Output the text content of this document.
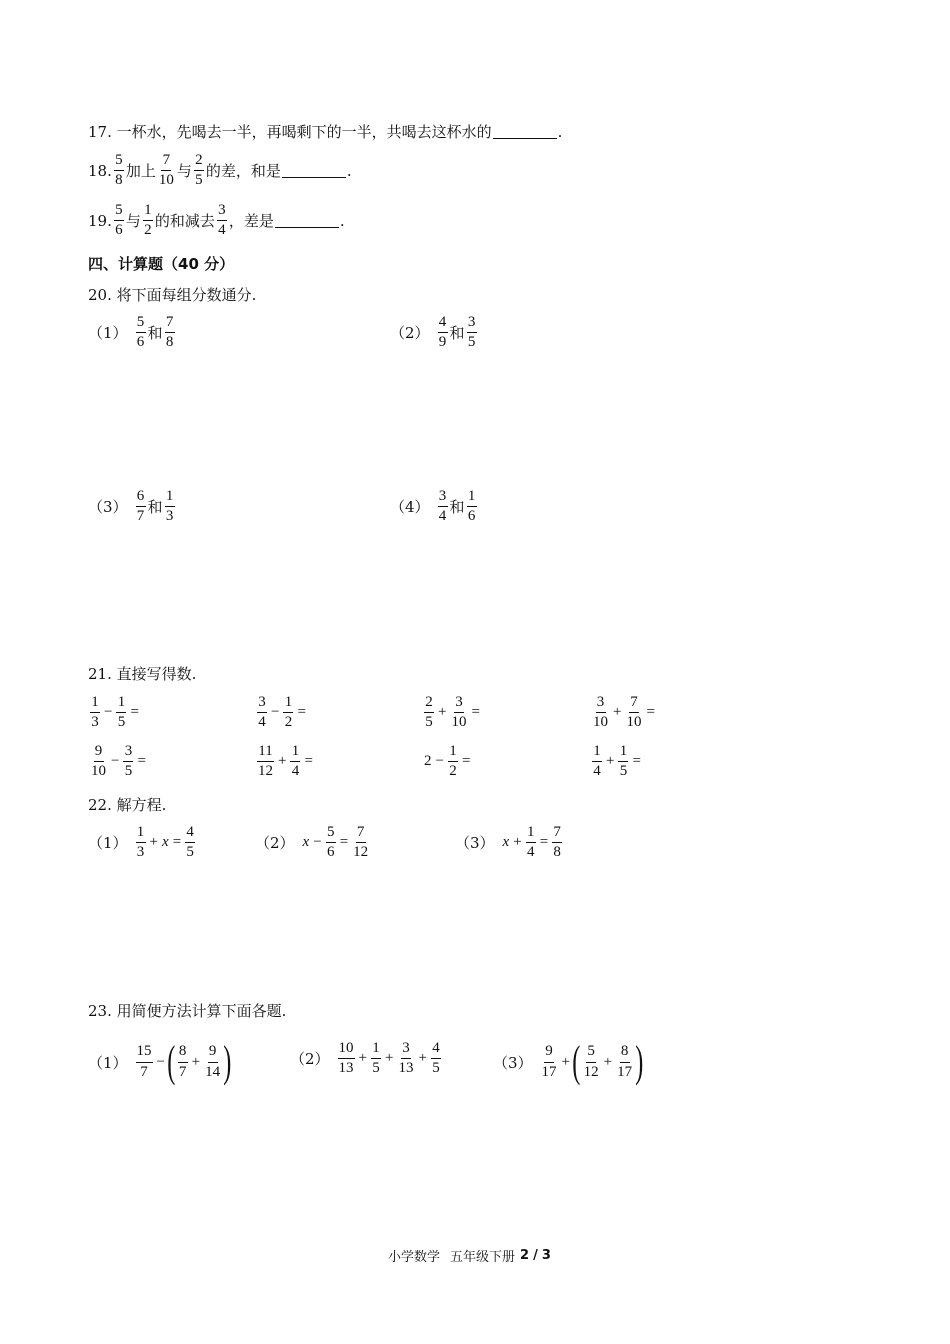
17. 一杯水，先喝去一半，再喝剩下的一半，共喝去这杯水的	.
18. $\frac{5}{8}$ 加上 $\frac{7}{10}$ 与 $\frac{2}{5}$ 的差，和是	.
19. $\frac{5}{6}$ 与 $\frac{1}{2}$ 的和减去 $\frac{3}{4}$ ，差是	.
四、计算题（40 分）
20. 将下面每组分数通分.
$(1) \frac{5}{6}$ 和 $\frac{7}{8}$	$(2) \frac{4}{9}$ 和 $\frac{3}{5}$
$(3) \frac{6}{7}$ 和 $\frac{1}{3}$	$(4) \frac{3}{4}$ 和 $\frac{1}{6}$
21. 直接写得数.
$\frac{1}{3} - \frac{1}{5}$ =	$\frac{3}{4} - \frac{1}{2}$ =	$\frac{2}{5} + \frac{3}{10}$ =	$\frac{3}{10} + \frac{7}{10}$ =
$\frac{9}{10} - \frac{3}{5}$ =	$\frac{11}{12} + \frac{1}{4}$ =	$2 - \frac{1}{2}$ =	$\frac{1}{4} + \frac{1}{5}$ =
22. 解方程.
$(1) \frac{1}{3} + x = \frac{4}{5}$	（2） $x - \frac{5}{6} = \frac{7}{12}$	（3） $x + \frac{1}{4} = \frac{7}{8}$
23. 用简便方法计算下面各题.
$(1) \frac{15}{7}$ − ( $\frac{8}{7} + \frac{9}{14}$ )	$(2) \frac{10}{13} + \frac{1}{5} + \frac{3}{13} + \frac{4}{5}$	$(3) \frac{9}{17}$ + ( $\frac{5}{12} + \frac{8}{17}$ )
小学数学 五年级下册 2 / 3
